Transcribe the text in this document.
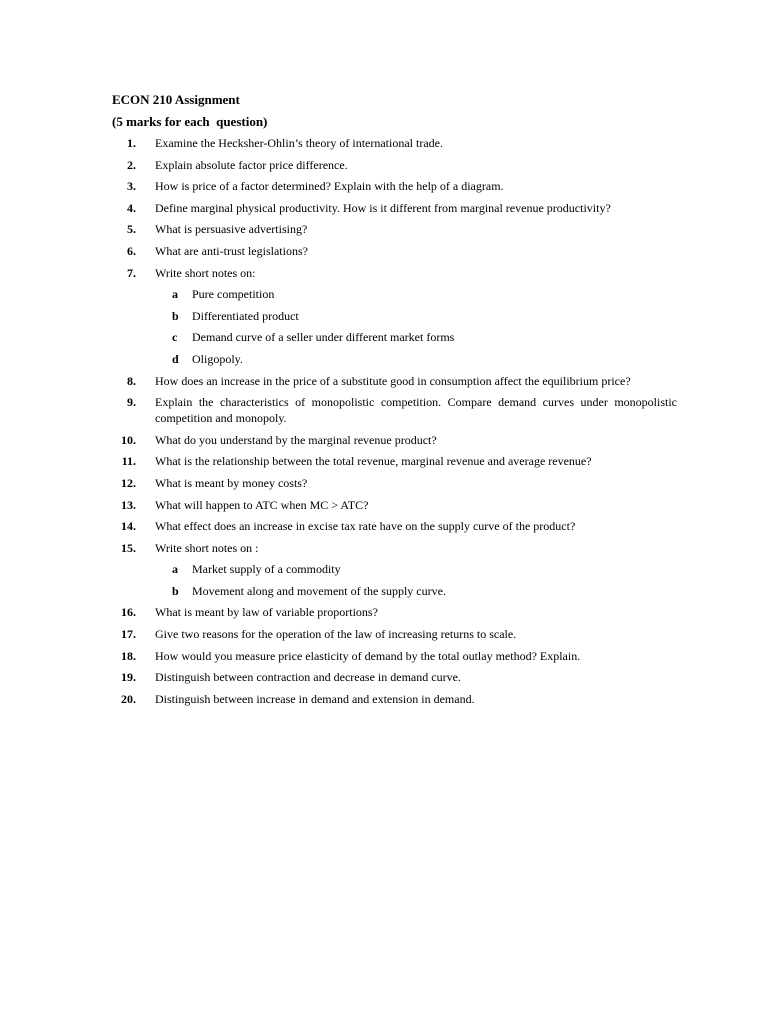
ECON 210 Assignment
(5 marks for each  question)
1. Examine the Hecksher-Ohlin’s theory of international trade.
2. Explain absolute factor price difference.
3. How is price of a factor determined? Explain with the help of a diagram.
4. Define marginal physical productivity. How is it different from marginal revenue productivity?
5. What is persuasive advertising?
6. What are anti-trust legislations?
7. Write short notes on:
a Pure competition
b Differentiated product
c Demand curve of a seller under different market forms
d Oligopoly.
8. How does an increase in the price of a substitute good in consumption affect the equilibrium price?
9. Explain the characteristics of monopolistic competition. Compare demand curves under monopolistic competition and monopoly.
10. What do you understand by the marginal revenue product?
11. What is the relationship between the total revenue, marginal revenue and average revenue?
12. What is meant by money costs?
13. What will happen to ATC when MC > ATC?
14. What effect does an increase in excise tax rate have on the supply curve of the product?
15. Write short notes on :
a Market supply of a commodity
b Movement along and movement of the supply curve.
16. What is meant by law of variable proportions?
17. Give two reasons for the operation of the law of increasing returns to scale.
18. How would you measure price elasticity of demand by the total outlay method? Explain.
19. Distinguish between contraction and decrease in demand curve.
20. Distinguish between increase in demand and extension in demand.
